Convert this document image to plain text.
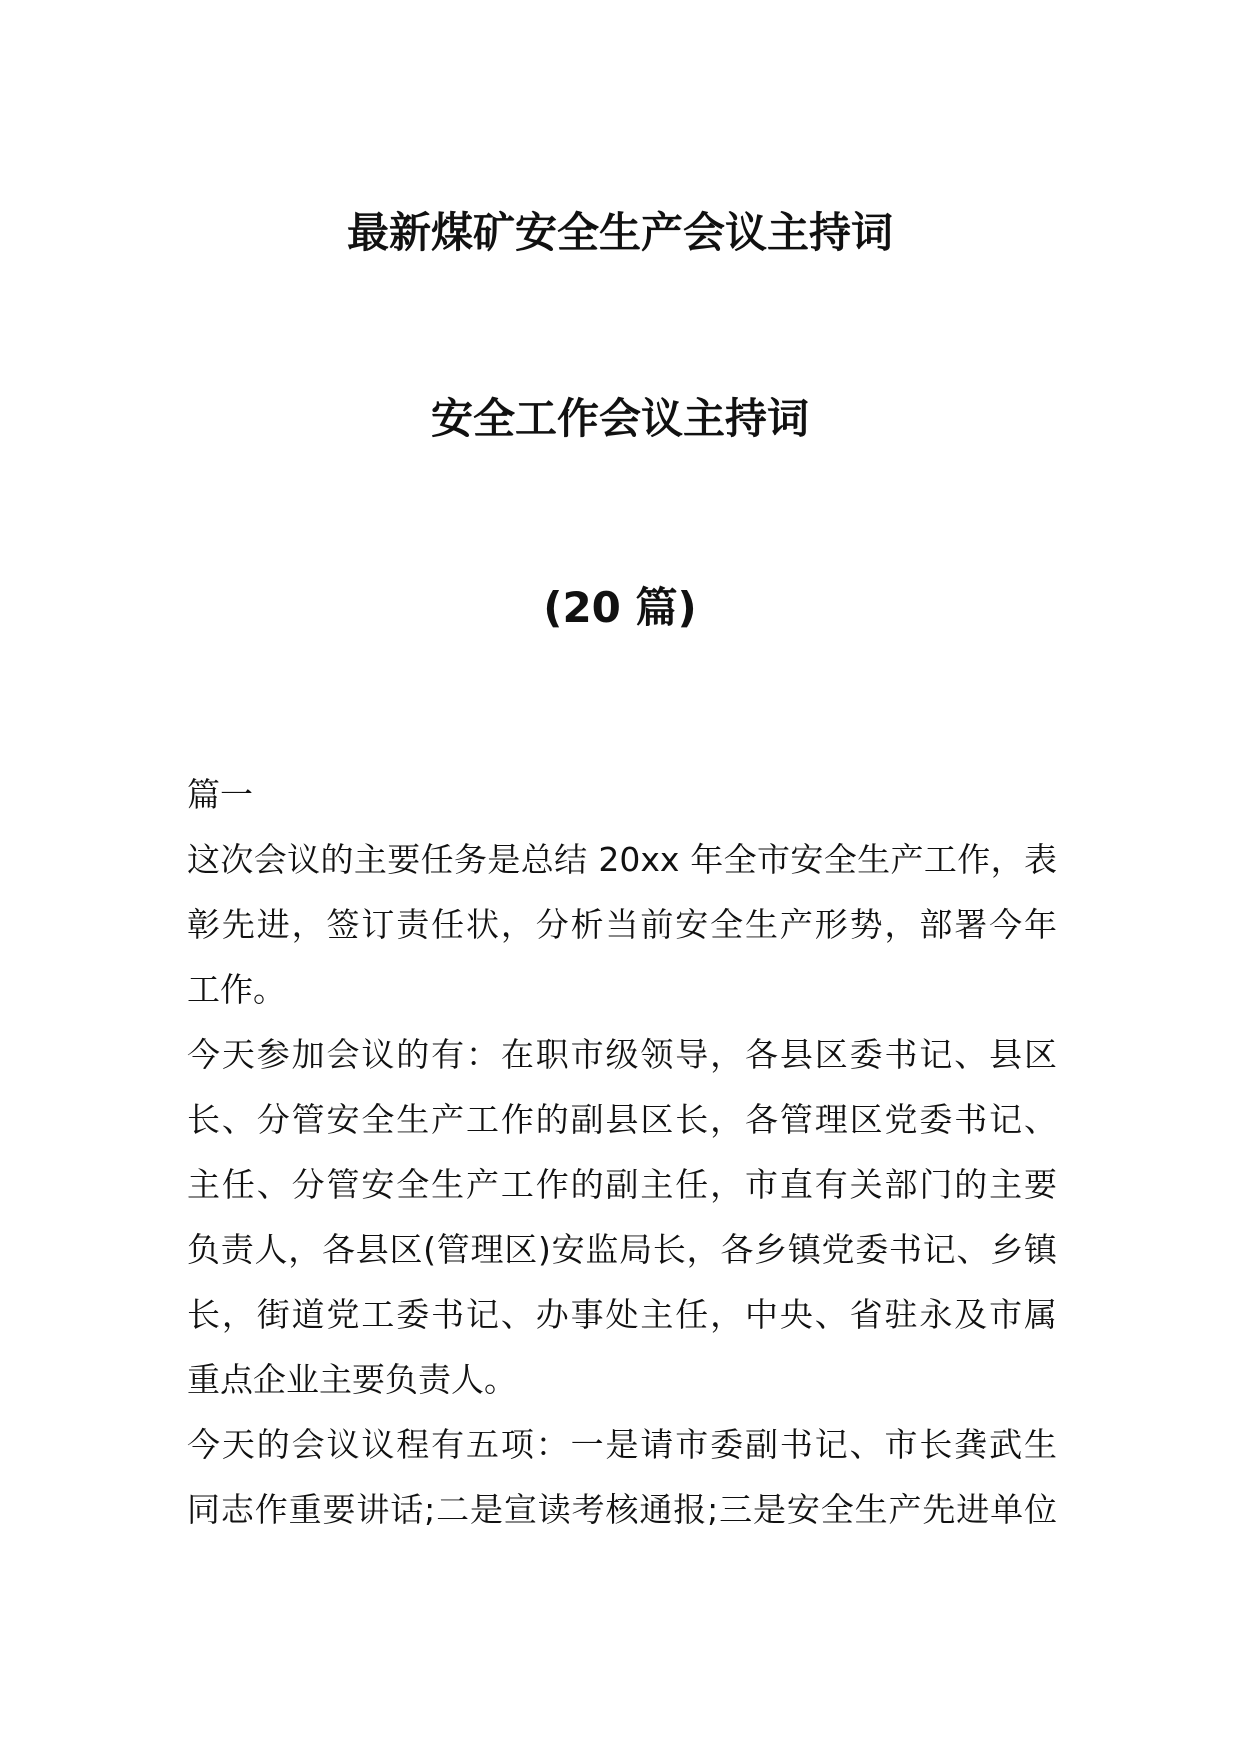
最新煤矿安全生产会议主持词
安全工作会议主持词
(20 篇)
篇一
这次会议的主要任务是总结 20xx 年全市安全生产工作，表
彰先进，签订责任状，分析当前安全生产形势，部署今年
工作。
今天参加会议的有：在职市级领导，各县区委书记、县区
长、分管安全生产工作的副县区长，各管理区党委书记、
主任、分管安全生产工作的副主任，市直有关部门的主要
负责人，各县区(管理区)安监局长，各乡镇党委书记、乡镇
长，街道党工委书记、办事处主任，中央、省驻永及市属
重点企业主要负责人。
今天的会议议程有五项：一是请市委副书记、市长龚武生
同志作重要讲话;二是宣读考核通报;三是安全生产先进单位
